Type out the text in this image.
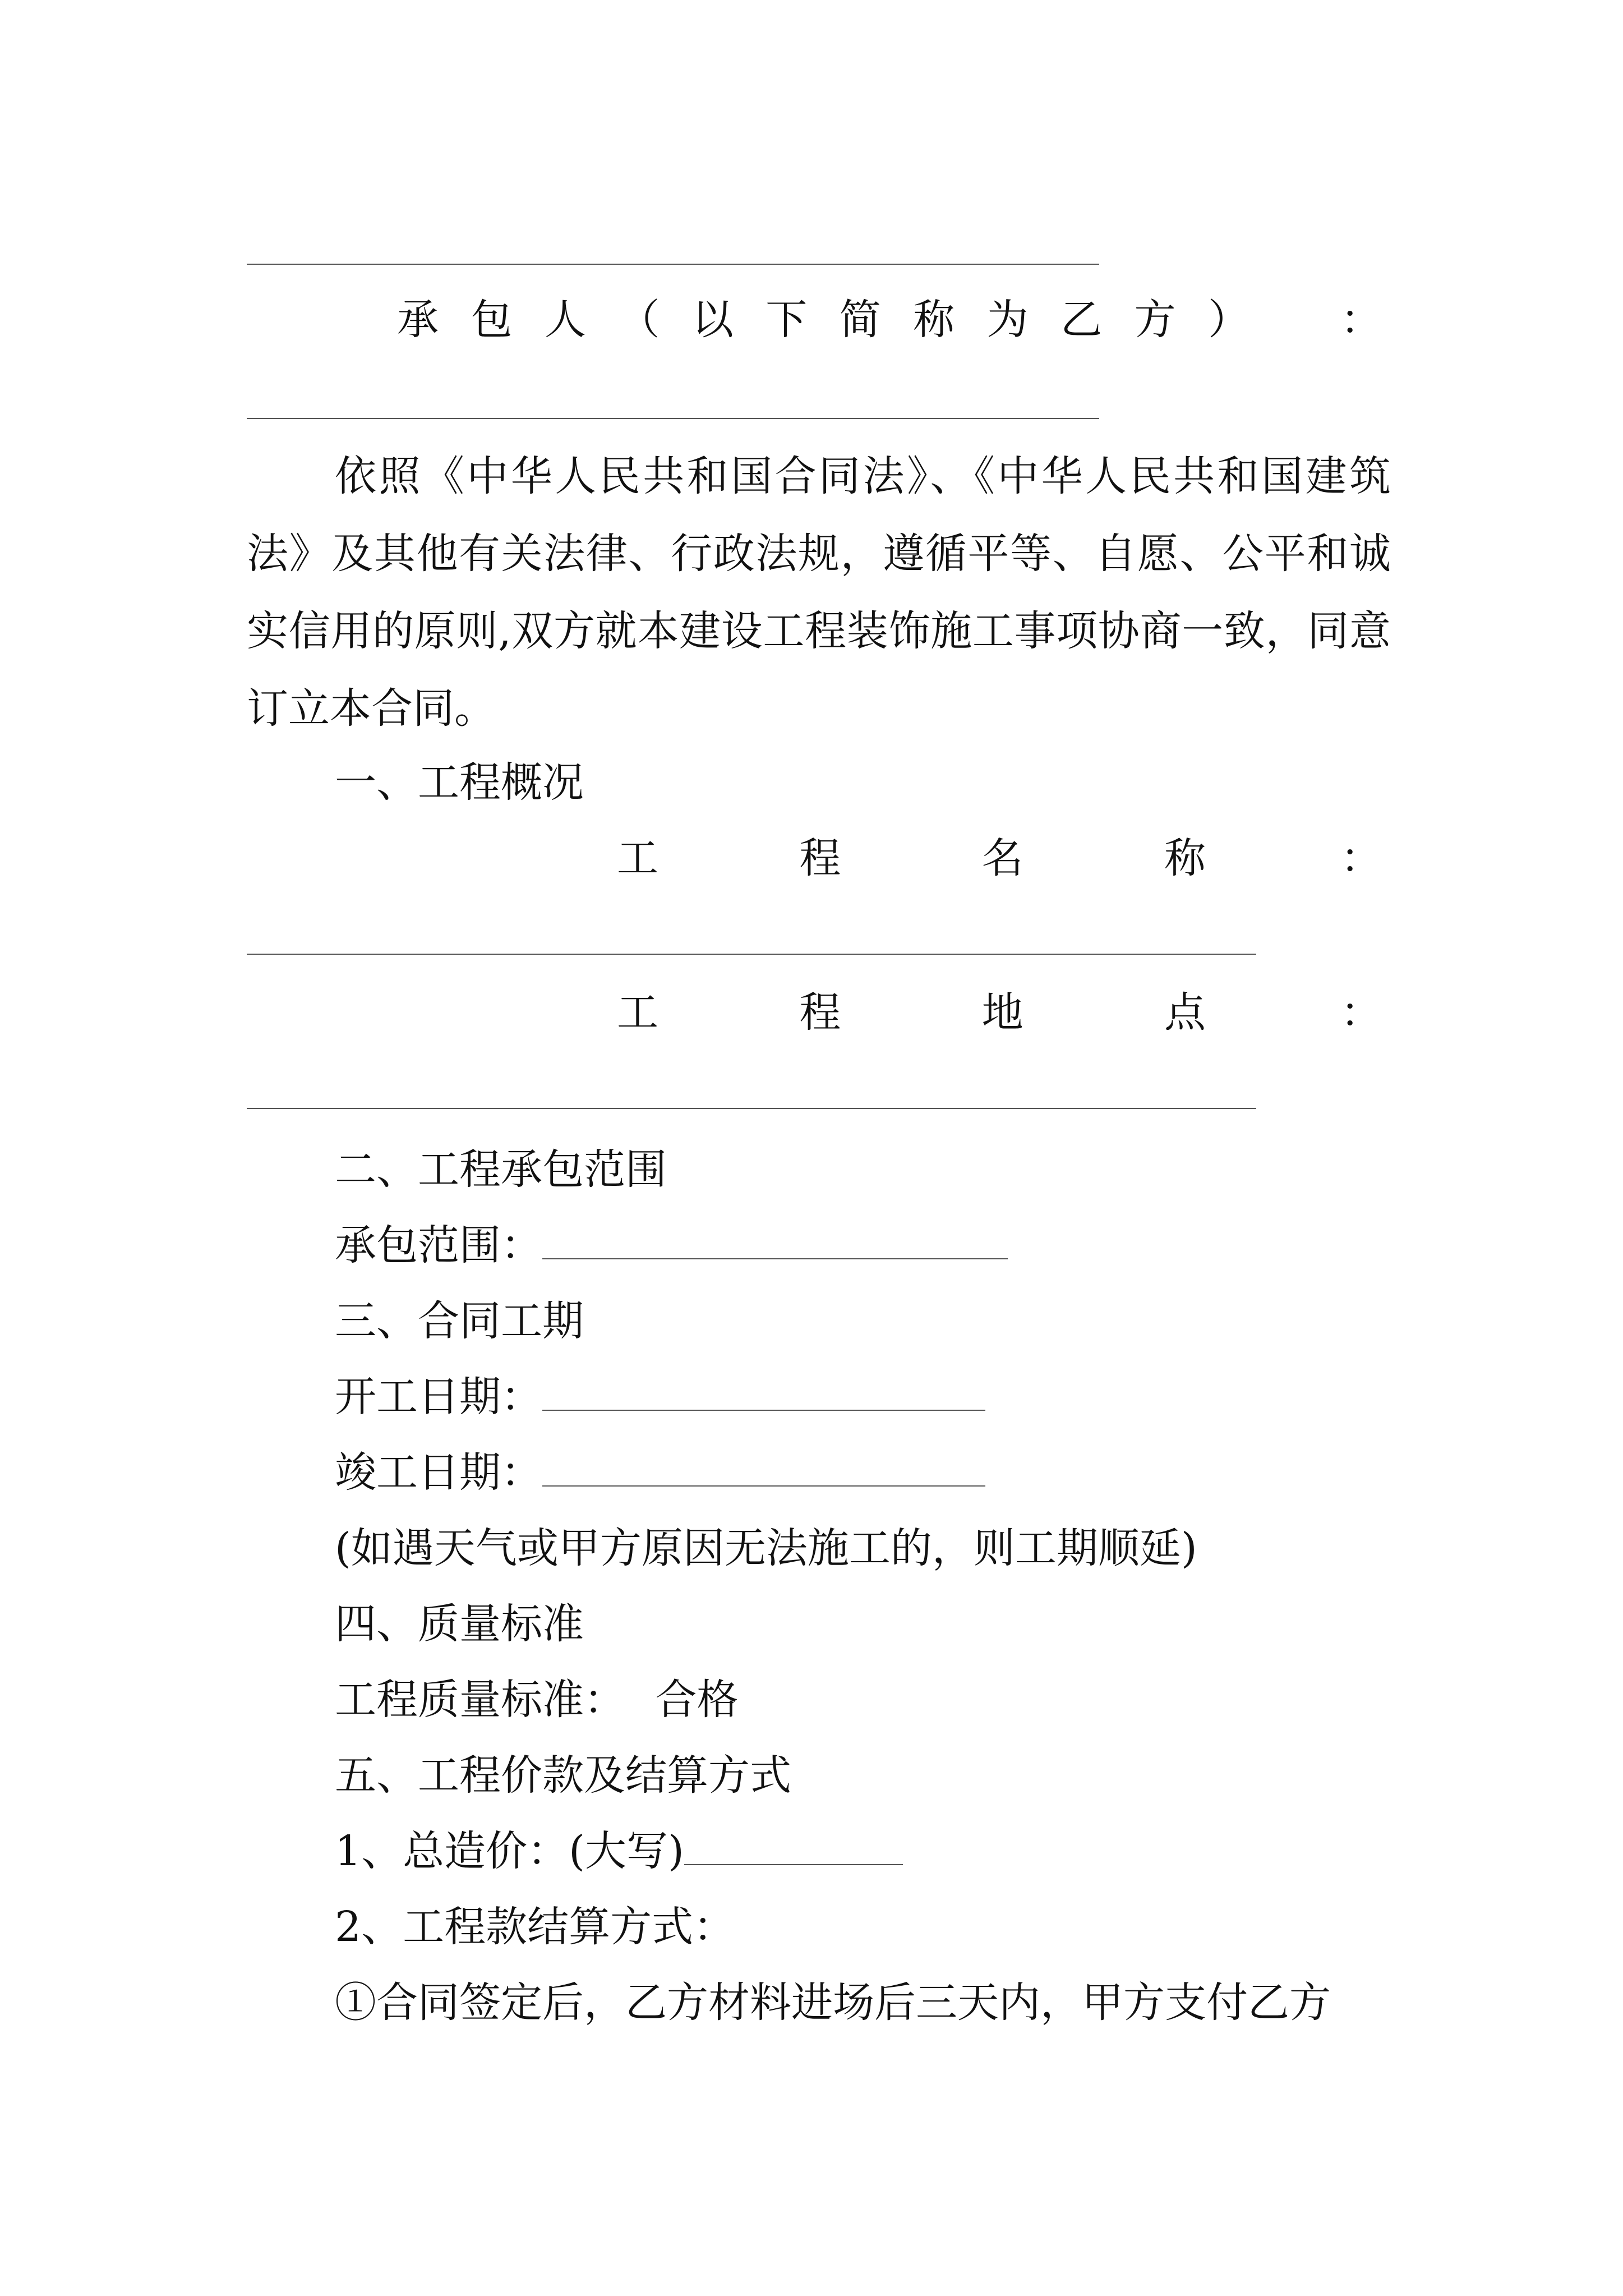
承 包 人 （ 以 下 简 称 为 乙 方 ） ：
依照《中华人民共和国合同法》、《中华人民共和国建筑法》及其他有关法律、行政法规，遵循平等、自愿、公平和诚实信用的原则,双方就本建设工程装饰施工事项协商一致，同意订立本合同。
一、工程概况
工	程	名	称	：
工	程	地	点	：
二、工程承包范围
承包范围：
三、合同工期
开工日期：
竣工日期：
(如遇天气或甲方原因无法施工的，则工期顺延)
四、质量标准
工程质量标准： 合格
五、工程价款及结算方式
1、总造价：(大写)
2、工程款结算方式：
①合同签定后，乙方材料进场后三天内，甲方支付乙方
